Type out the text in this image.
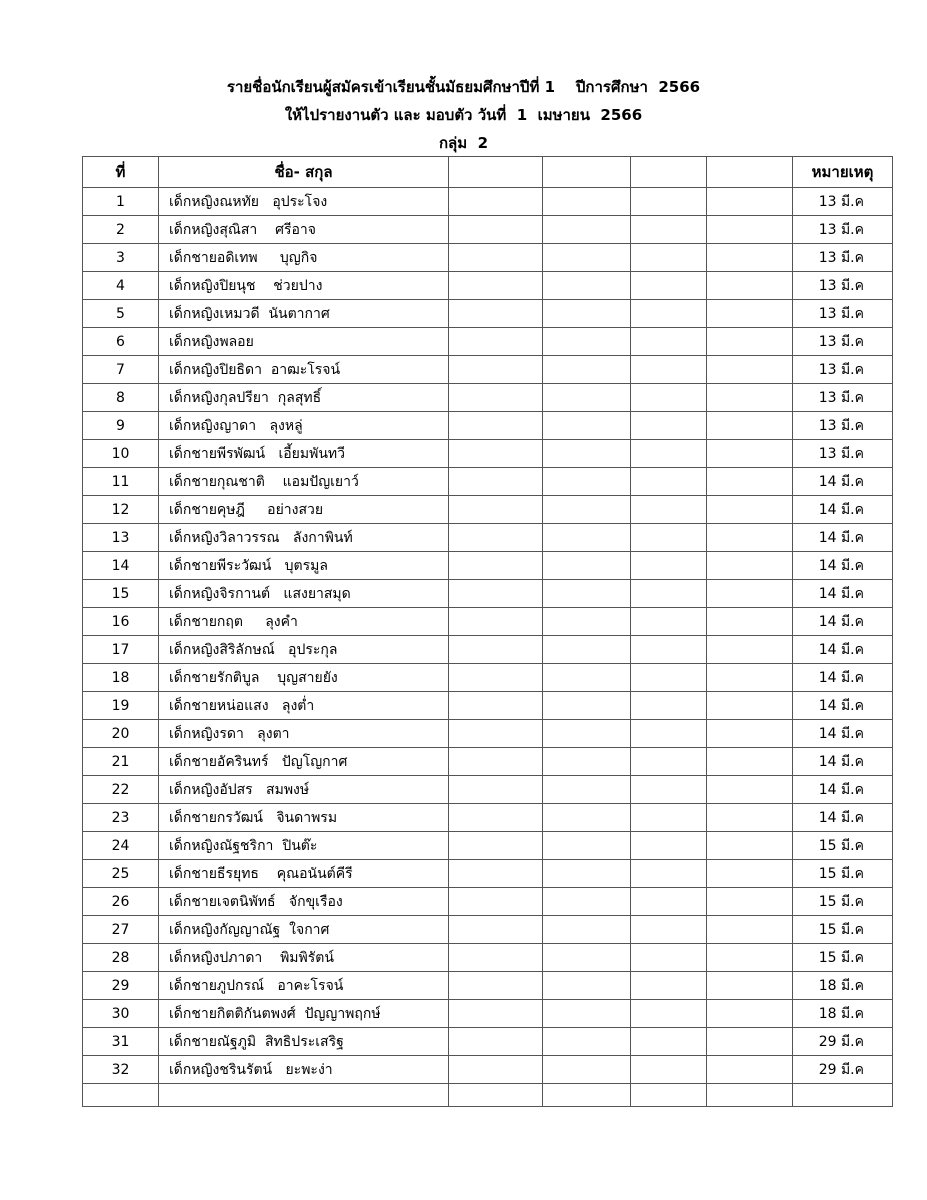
รายชื่อนักเรียนผู้สมัครเข้าเรียนชั้นมัธยมศึกษาปีที่ 1    ปีการศึกษา  2566
ให้ไปรายงานตัว และ มอบตัว วันที่  1  เมษายน  2566
กลุ่ม  2
ที่	ชื่อ- สกุล					หมายเหตุ
1	เด็กหญิงณหทัย   อุประโจง					13 มี.ค
2	เด็กหญิงสุณิสา    ศรีอาจ					13 มี.ค
3	เด็กชายอดิเทพ     บุญกิจ					13 มี.ค
4	เด็กหญิงปิยนุช    ช่วยปาง					13 มี.ค
5	เด็กหญิงเหมวดี  นันตากาศ					13 มี.ค
6	เด็กหญิงพลอย					13 มี.ค
7	เด็กหญิงปิยธิดา  อาฒะโรจน์					13 มี.ค
8	เด็กหญิงกุลปรียา  กุลสุทธิ์					13 มี.ค
9	เด็กหญิงญาดา   ลุงหลู่					13 มี.ค
10	เด็กชายพีรพัฒน์   เอี้ยมพันทวี					13 มี.ค
11	เด็กชายกุณชาติ    แอมปัญเยาว์					14 มี.ค
12	เด็กชายคุษฎี     อย่างสวย					14 มี.ค
13	เด็กหญิงวิลาวรรณ   ลังกาพินท์					14 มี.ค
14	เด็กชายพีระวัฒน์   บุตรมูล					14 มี.ค
15	เด็กหญิงจิรกานต์   แสงยาสมุด					14 มี.ค
16	เด็กชายกฤต     ลุงคำ					14 มี.ค
17	เด็กหญิงสิริลักษณ์   อุประกุล					14 มี.ค
18	เด็กชายรักติบูล    บุญสายยัง					14 มี.ค
19	เด็กชายหน่อแสง   ลุงต่ำ					14 มี.ค
20	เด็กหญิงรดา   ลุงตา					14 มี.ค
21	เด็กชายอัครินทร์   ปัญโญกาศ					14 มี.ค
22	เด็กหญิงอัปสร   สมพงษ์					14 มี.ค
23	เด็กชายกรวัฒน์   จินดาพรม					14 มี.ค
24	เด็กหญิงณัฐชริกา  ปินต๊ะ					15 มี.ค
25	เด็กชายธีรยุทธ    คุณอนันต์คีรี					15 มี.ค
26	เด็กชายเจตนิพัทธ์   จักขุเรือง					15 มี.ค
27	เด็กหญิงกัญญาณัฐ  ใจกาศ					15 มี.ค
28	เด็กหญิงปภาดา    พิมพิรัตน์					15 มี.ค
29	เด็กชายภูปกรณ์   อาคะโรจน์					18 มี.ค
30	เด็กชายกิตติกันตพงศ์  ปัญญาพฤกษ์					18 มี.ค
31	เด็กชายณัฐภูมิ  สิทธิประเสริฐ					29 มี.ค
32	เด็กหญิงชรินรัตน์   ยะพะง่า					29 มี.ค
